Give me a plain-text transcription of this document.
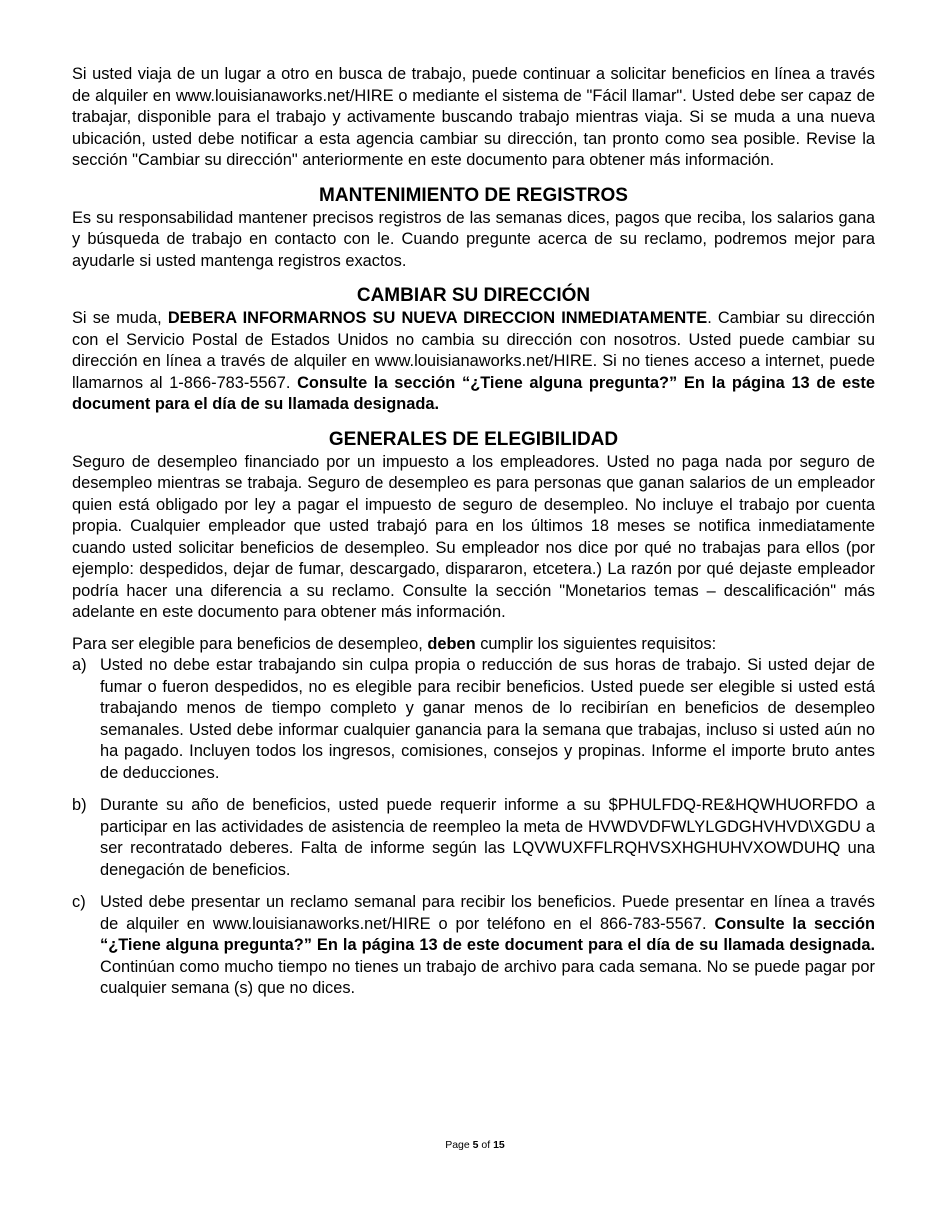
Si usted viaja de un lugar a otro en busca de trabajo, puede continuar a solicitar beneficios en línea a través de alquiler en www.louisianaworks.net/HIRE o mediante el sistema de "Fácil llamar". Usted debe ser capaz de trabajar, disponible para el trabajo y activamente buscando trabajo mientras viaja. Si se muda a una nueva ubicación, usted debe notificar a esta agencia cambiar su dirección, tan pronto como sea posible. Revise la sección "Cambiar su dirección" anteriormente en este documento para obtener más información.

MANTENIMIENTO DE REGISTROS

Es su responsabilidad mantener precisos registros de las semanas dices, pagos que reciba, los salarios gana y búsqueda de trabajo en contacto con le. Cuando pregunte acerca de su reclamo, podremos mejor para ayudarle si usted mantenga registros exactos.

CAMBIAR SU DIRECCIÓN

Si se muda, DEBERA INFORMARNOS SU NUEVA DIRECCION INMEDIATAMENTE. Cambiar su dirección con el Servicio Postal de Estados Unidos no cambia su dirección con nosotros. Usted puede cambiar su dirección en línea a través de alquiler en www.louisianaworks.net/HIRE. Si no tienes acceso a internet, puede llamarnos al 1-866-783-5567. Consulte la sección “¿Tiene alguna pregunta?” En la página 13 de este document para el día de su llamada designada.

GENERALES DE ELEGIBILIDAD

Seguro de desempleo financiado por un impuesto a los empleadores. Usted no paga nada por seguro de desempleo mientras se trabaja. Seguro de desempleo es para personas que ganan salarios de un empleador quien está obligado por ley a pagar el impuesto de seguro de desempleo. No incluye el trabajo por cuenta propia. Cualquier empleador que usted trabajó para en los últimos 18 meses se notifica inmediatamente cuando usted solicitar beneficios de desempleo. Su empleador nos dice por qué no trabajas para ellos (por ejemplo: despedidos, dejar de fumar, descargado, dispararon, etcetera.) La razón por qué dejaste empleador podría hacer una diferencia a su reclamo. Consulte la sección "Monetarios temas – descalificación" más adelante en este documento para obtener más información.

Para ser elegible para beneficios de desempleo, deben cumplir los siguientes requisitos:

a) Usted no debe estar trabajando sin culpa propia o reducción de sus horas de trabajo. Si usted dejar de fumar o fueron despedidos, no es elegible para recibir beneficios. Usted puede ser elegible si usted está trabajando menos de tiempo completo y ganar menos de lo recibirían en beneficios de desempleo semanales. Usted debe informar cualquier ganancia para la semana que trabajas, incluso si usted aún no ha pagado. Incluyen todos los ingresos, comisiones, consejos y propinas. Informe el importe bruto antes de deducciones.
b) Durante su año de beneficios, usted puede requerir informe a su $PHULFDQ-RE&HQWHUORFDO a participar en las actividades de asistencia de reempleo la meta de HVWDVDFWLYLGDGHVHVD\XGDU a ser recontratado deberes. Falta de informe según las LQVWUXFFLRQHVSXHGHUHVXOWDUHQ una denegación de beneficios.
c) Usted debe presentar un reclamo semanal para recibir los beneficios. Puede presentar en línea a través de alquiler en www.louisianaworks.net/HIRE o por teléfono en el 866-783-5567. Consulte la sección “¿Tiene alguna pregunta?” En la página 13 de este document para el día de su llamada designada. Continúan como mucho tiempo no tienes un trabajo de archivo para cada semana. No se puede pagar por cualquier semana (s) que no dices.
Page 5 of 15
